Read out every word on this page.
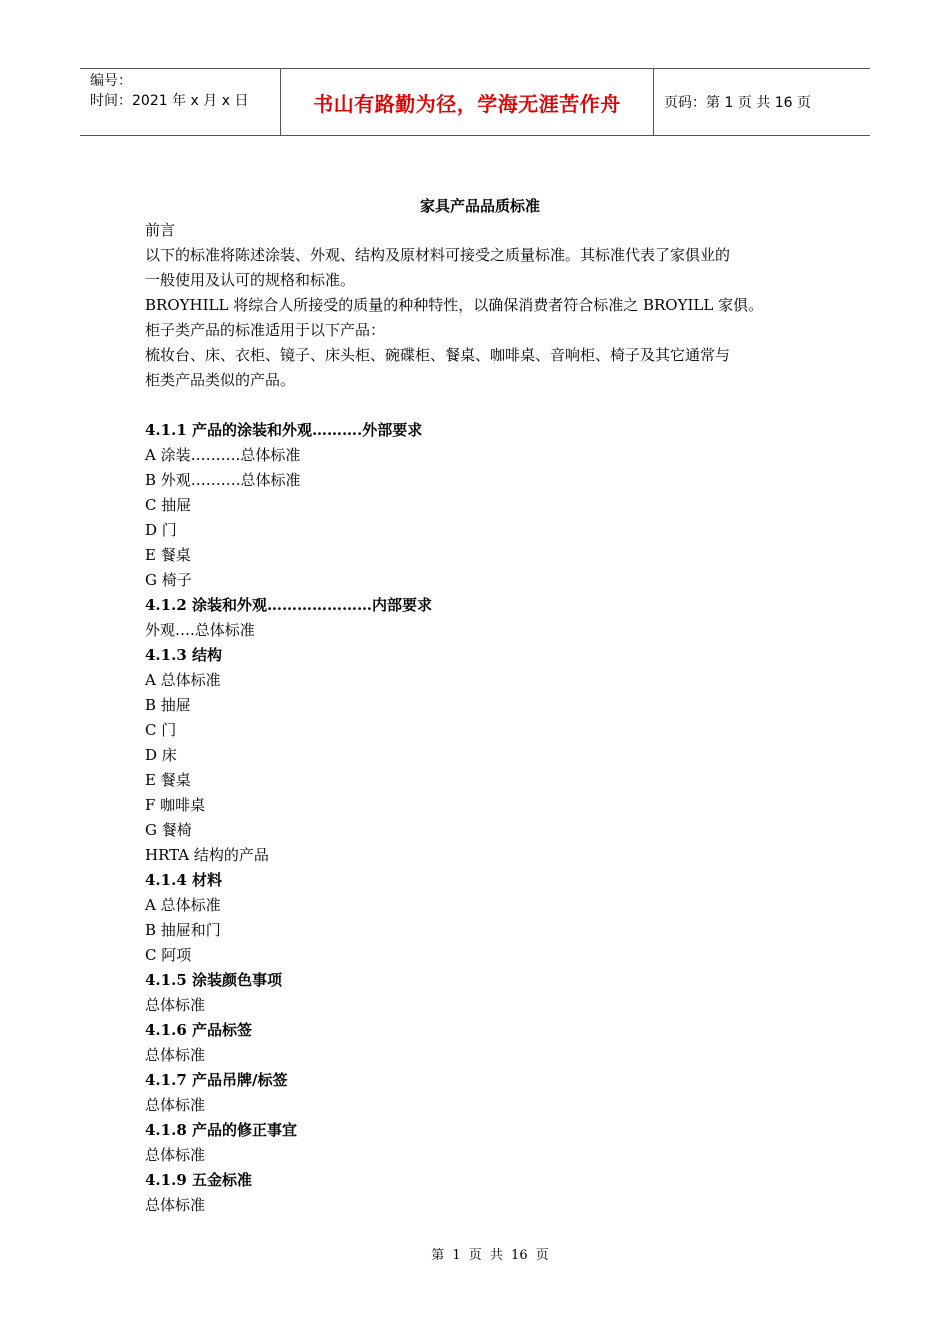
编号：
时间：2021 年 x 月 x 日	书山有路勤为径，学海无涯苦作舟	页码：第 1 页 共 16 页
家具产品品质标准

前言

以下的标准将陈述涂装、外观、结构及原材料可接受之质量标准。其标准代表了家俱业的

一般使用及认可的规格和标准。

BROYHILL 将综合人所接受的质量的种种特性，以确保消费者符合标准之 BROYILL 家俱。

柜子类产品的标准适用于以下产品：

梳妆台、床、衣柜、镜子、床头柜、碗碟柜、餐桌、咖啡桌、音响柜、椅子及其它通常与

柜类产品类似的产品。

4.1.1 产品的涂装和外观……….外部要求

A 涂装……….总体标准

B 外观……….总体标准

C 抽屉

D 门

E 餐桌

G 椅子

4.1.2 涂装和外观…………………内部要求

外观….总体标准

4.1.3 结构

A 总体标准

B 抽屉

C 门

D 床

E 餐桌

F 咖啡桌

G 餐椅

HRTA 结构的产品

4.1.4 材料

A 总体标准

B 抽屉和门

C 阿项

4.1.5 涂装颜色事项

总体标准

4.1.6 产品标签

总体标准

4.1.7 产品吊牌/标签

总体标准

4.1.8 产品的修正事宜

总体标准

4.1.9 五金标准

总体标准

第 1 页 共 16 页
